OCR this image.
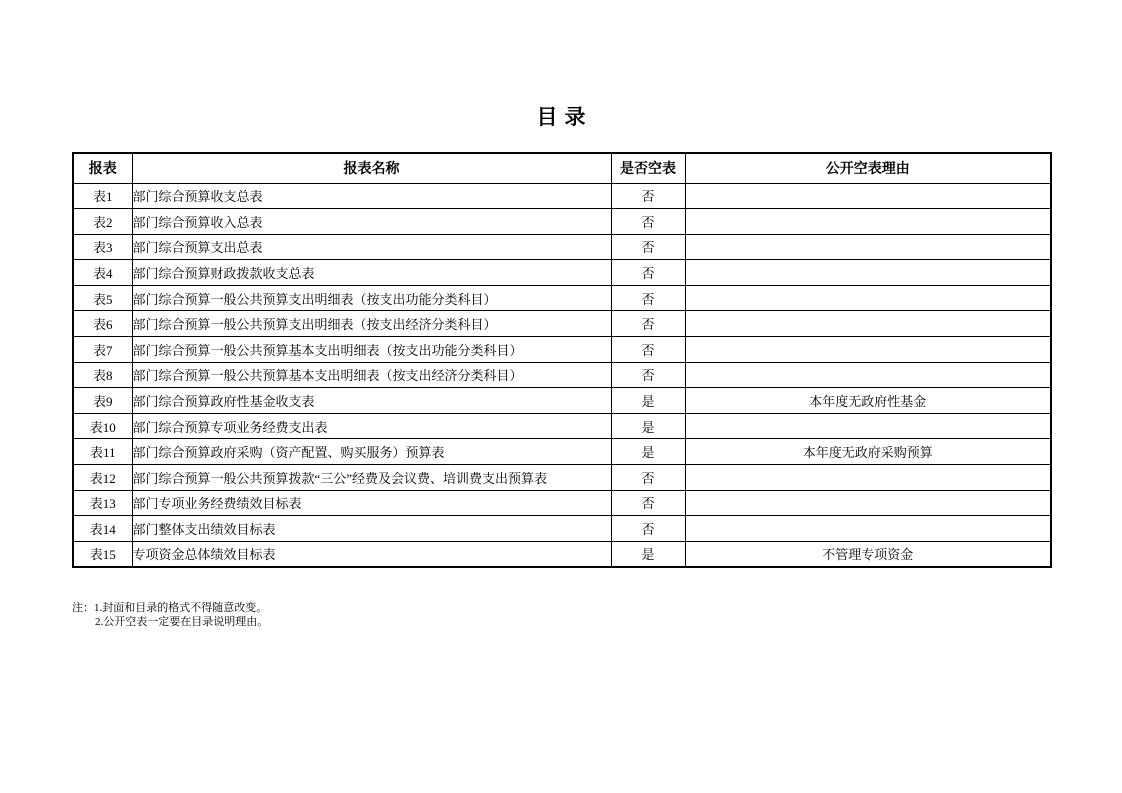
目录
报表	报表名称	是否空表	公开空表理由
表1	部门综合预算收支总表	否	
表2	部门综合预算收入总表	否	
表3	部门综合预算支出总表	否	
表4	部门综合预算财政拨款收支总表	否	
表5	部门综合预算一般公共预算支出明细表（按支出功能分类科目）	否	
表6	部门综合预算一般公共预算支出明细表（按支出经济分类科目）	否	
表7	部门综合预算一般公共预算基本支出明细表（按支出功能分类科目）	否	
表8	部门综合预算一般公共预算基本支出明细表（按支出经济分类科目）	否	
表9	部门综合预算政府性基金收支表	是	本年度无政府性基金
表10	部门综合预算专项业务经费支出表	是	
表11	部门综合预算政府采购（资产配置、购买服务）预算表	是	本年度无政府采购预算
表12	部门综合预算一般公共预算拨款“三公”经费及会议费、培训费支出预算表	否	
表13	部门专项业务经费绩效目标表	否	
表14	部门整体支出绩效目标表	否	
表15	专项资金总体绩效目标表	是	不管理专项资金
注：1.封面和目录的格式不得随意改变。
2.公开空表一定要在目录说明理由。
